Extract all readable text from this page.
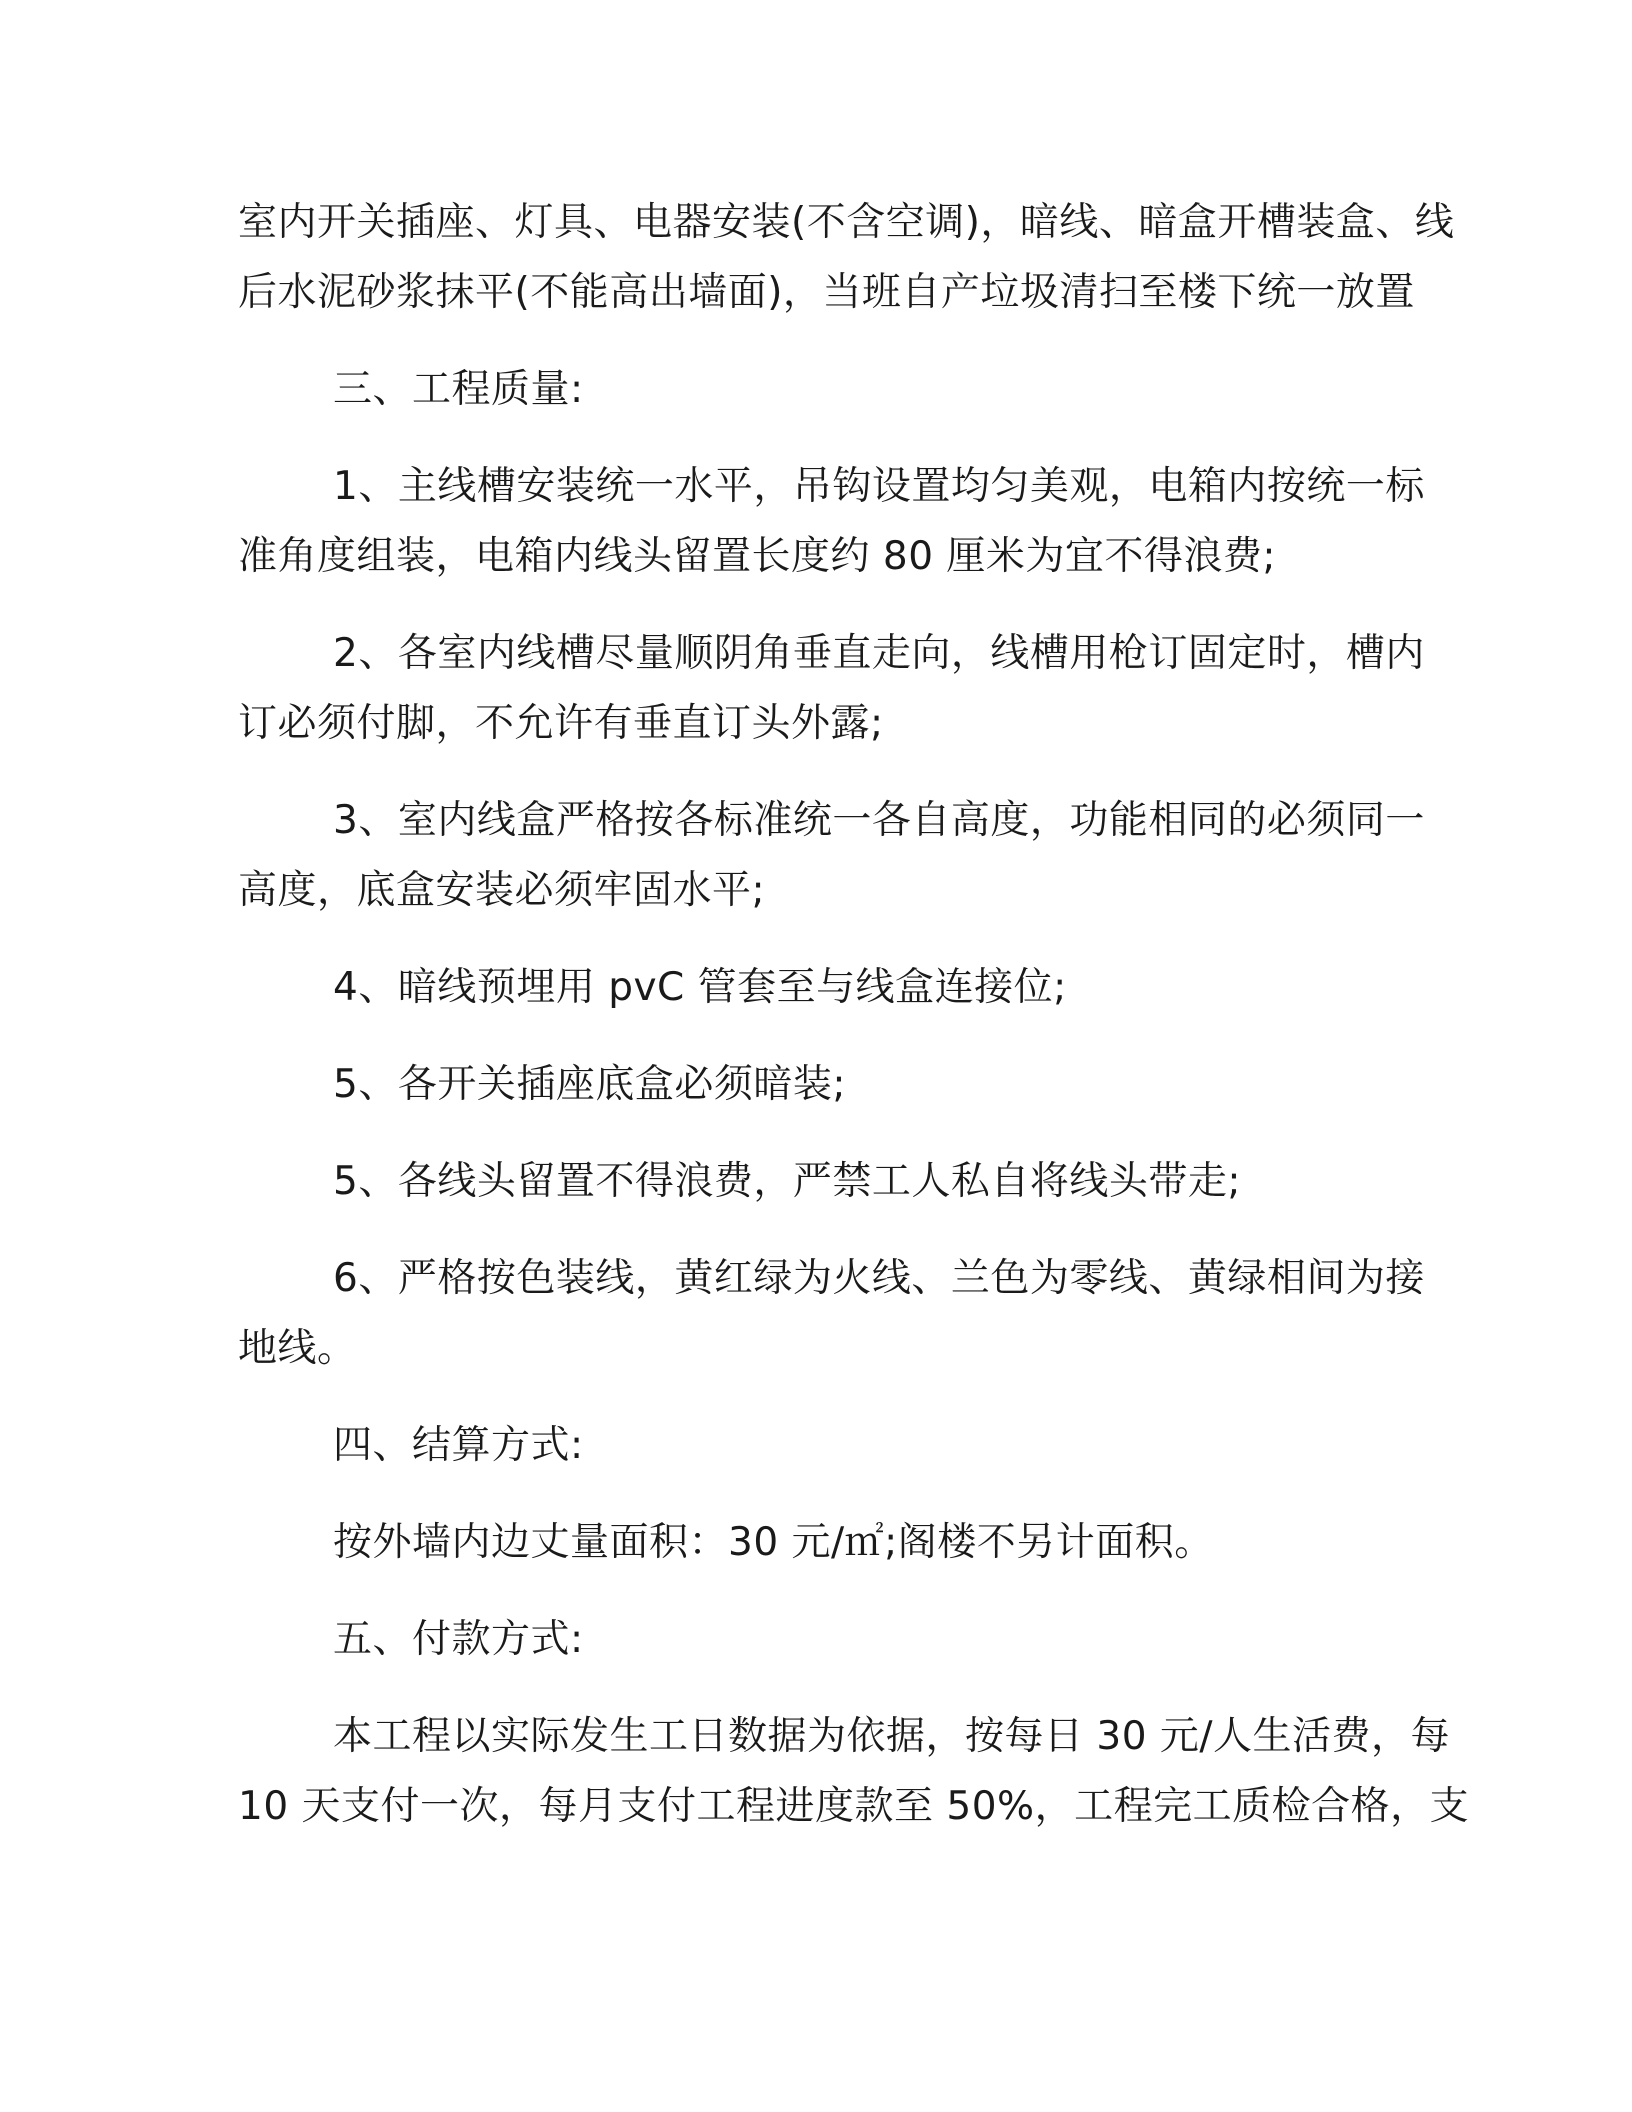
室内开关插座、灯具、电器安装(不含空调)，暗线、暗盒开槽装盒、线

后水泥砂浆抹平(不能高出墙面)，当班自产垃圾清扫至楼下统一放置

三、工程质量:

1、主线槽安装统一水平，吊钩设置均匀美观，电箱内按统一标

准角度组装，电箱内线头留置长度约 80 厘米为宜不得浪费;

2、各室内线槽尽量顺阴角垂直走向，线槽用枪订固定时，槽内

订必须付脚，不允许有垂直订头外露;

3、室内线盒严格按各标准统一各自高度，功能相同的必须同一

高度，底盒安装必须牢固水平;

4、暗线预埋用 pvC 管套至与线盒连接位;

5、各开关插座底盒必须暗装;

5、各线头留置不得浪费，严禁工人私自将线头带走;

6、严格按色装线，黄红绿为火线、兰色为零线、黄绿相间为接

地线。

四、结算方式:

按外墙内边丈量面积：30 元/㎡;阁楼不另计面积。

五、付款方式:

本工程以实际发生工日数据为依据，按每日 30 元/人生活费，每

10 天支付一次，每月支付工程进度款至 50%，工程完工质检合格，支
